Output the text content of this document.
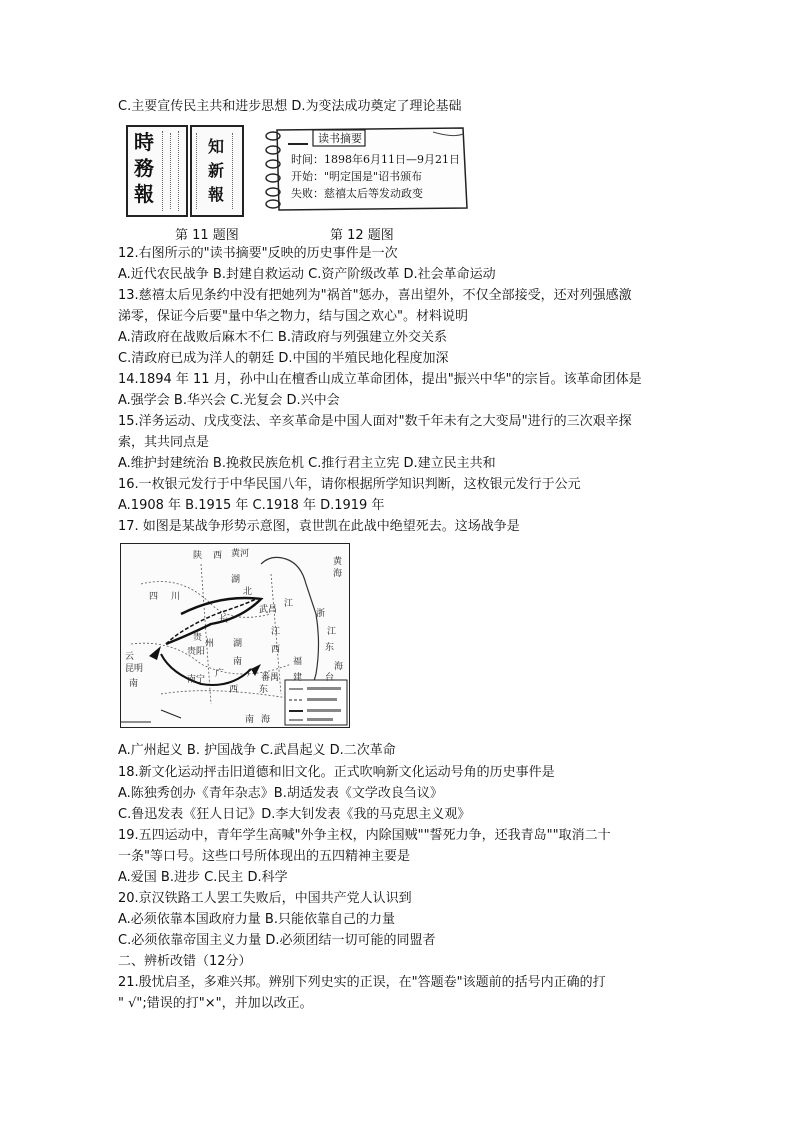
C.主要宣传民主共和进步思想 D.为变法成功奠定了理论基础
時
務
報
知
新
報
读书摘要
时间：1898年6月11日—9月21日
开始："明定国是"诏书颁布
失败：慈禧太后等发动政变
第 11 题图	第 12 题图
12.右图所示的"读书摘要"反映的历史事件是一次
A.近代农民战争 B.封建自救运动 C.资产阶级改革 D.社会革命运动
13.慈禧太后见条约中没有把她列为"祸首"惩办，喜出望外，不仅全部接受，还对列强感激
涕零，保证今后要"量中华之物力，结与国之欢心"。材料说明
A.清政府在战败后麻木不仁 B.清政府与列强建立外交关系
C.清政府已成为洋人的朝廷 D.中国的半殖民地化程度加深
14.1894 年 11 月，孙中山在檀香山成立革命团体，提出"振兴中华"的宗旨。该革命团体是
A.强学会 B.华兴会 C.光复会 D.兴中会
15.洋务运动、戊戌变法、辛亥革命是中国人面对"数千年未有之大变局"进行的三次艰辛探
索，其共同点是
A.维护封建统治 B.挽救民族危机 C.推行君主立宪 D.建立民主共和
16.一枚银元发行于中华民国八年，请你根据所学知识判断，这枚银元发行于公元
A.1908 年 B.1915 年 C.1918 年 D.1919 年
17. 如图是某战争形势示意图，袁世凯在此战中绝望死去。这场战争是
陕 西 黄河
四 川
湖
北
武昌
长
江
浙
江
湖
南
江
西
福
建
贵
州
贵阳
云
昆明
南
广
西
南宁
广
东
番禺
海
南 海
黄
海
东
台
A.广州起义 B. 护国战争 C.武昌起义 D.二次革命
18.新文化运动抨击旧道德和旧文化。正式吹响新文化运动号角的历史事件是
A.陈独秀创办《青年杂志》B.胡适发表《文学改良刍议》
C.鲁迅发表《狂人日记》D.李大钊发表《我的马克思主义观》
19.五四运动中，青年学生高喊"外争主权，内除国贼""誓死力争，还我青岛""取消二十
一条"等口号。这些口号所体现出的五四精神主要是
A.爱国 B.进步 C.民主 D.科学
20.京汉铁路工人罢工失败后，中国共产党人认识到
A.必须依靠本国政府力量 B.只能依靠自己的力量
C.必须依靠帝国主义力量 D.必须团结一切可能的同盟者
二、辨析改错（12分）
21.殷忧启圣，多难兴邦。辨别下列史实的正误，在"答题卷"该题前的括号内正确的打
" √";错误的打"×"，并加以改正。
